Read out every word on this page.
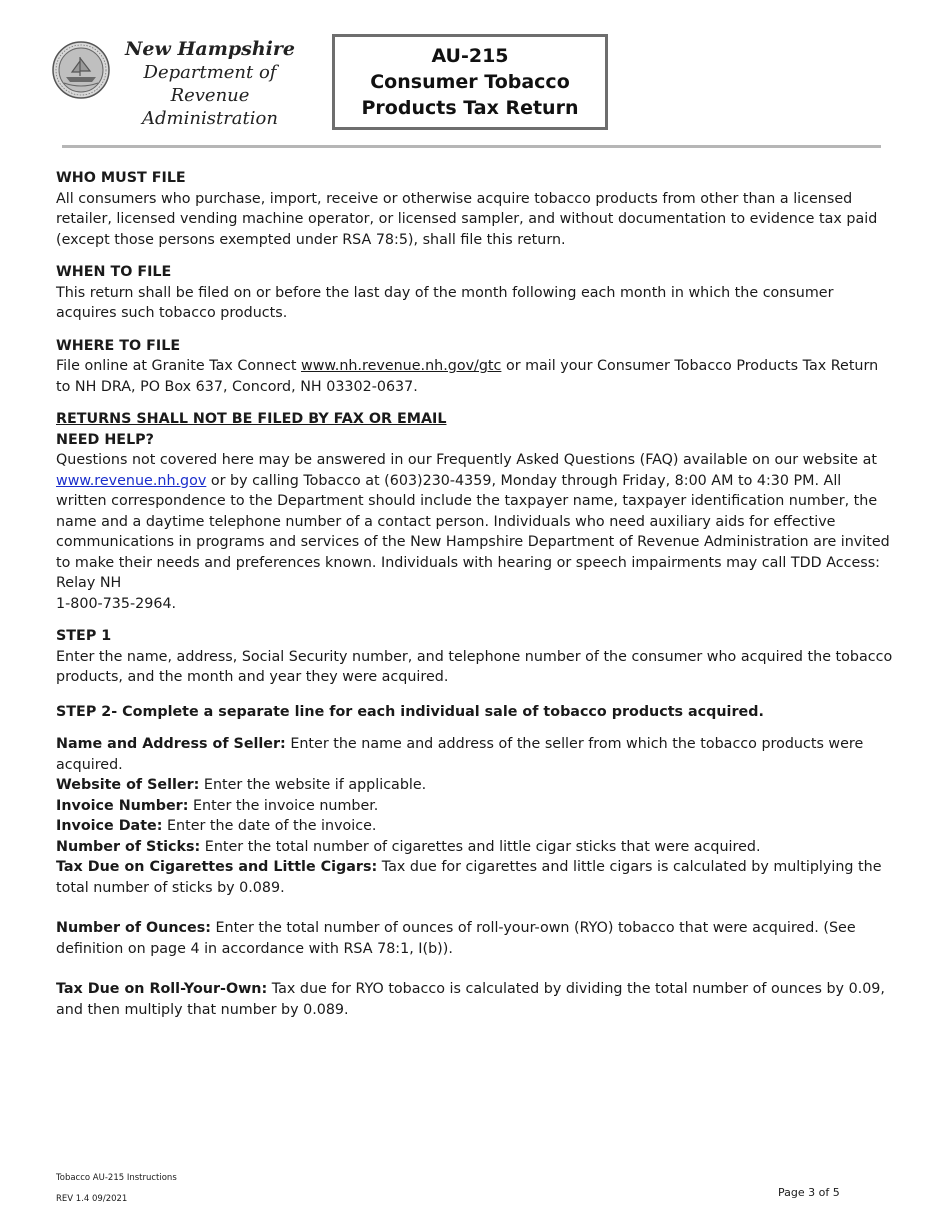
New Hampshire
Department of
Revenue Administration
AU-215
Consumer Tobacco
Products Tax Return

WHO MUST FILE

All consumers who purchase, import, receive or otherwise acquire tobacco products from other than a licensed retailer, licensed vending machine operator, or licensed sampler, and without documentation to evidence tax paid (except those persons exempted under RSA 78:5), shall file this return.

WHEN TO FILE

This return shall be filed on or before the last day of the month following each month in which the consumer acquires such tobacco products.

WHERE TO FILE

File online at Granite Tax Connect www.nh.revenue.nh.gov/gtc or mail your Consumer Tobacco Products Tax Return to NH DRA, PO Box 637, Concord, NH 03302-0637.

RETURNS SHALL NOT BE FILED BY FAX OR EMAIL

NEED HELP?

Questions not covered here may be answered in our Frequently Asked Questions (FAQ) available on our website at www.revenue.nh.gov or by calling Tobacco at (603)230-4359, Monday through Friday, 8:00 AM to 4:30 PM. All written correspondence to the Department should include the taxpayer name, taxpayer identification number, the name and a daytime telephone number of a contact person. Individuals who need auxiliary aids for effective communications in programs and services of the New Hampshire Department of Revenue Administration are invited to make their needs and preferences known. Individuals with hearing or speech impairments may call TDD Access: Relay NH
1-800-735-2964.

STEP 1

Enter the name, address, Social Security number, and telephone number of the consumer who acquired the tobacco products, and the month and year they were acquired.

STEP 2- Complete a separate line for each individual sale of tobacco products acquired.

Name and Address of Seller: Enter the name and address of the seller from which the tobacco products were acquired.

Website of Seller: Enter the website if applicable.

Invoice Number: Enter the invoice number.

Invoice Date: Enter the date of the invoice.

Number of Sticks: Enter the total number of cigarettes and little cigar sticks that were acquired.

Tax Due on Cigarettes and Little Cigars: Tax due for cigarettes and little cigars is calculated by multiplying the total number of sticks by 0.089.

Number of Ounces: Enter the total number of ounces of roll-your-own (RYO) tobacco that were acquired. (See definition on page 4 in accordance with RSA 78:1, I(b)).

Tax Due on Roll-Your-Own: Tax due for RYO tobacco is calculated by dividing the total number of ounces by 0.09, and then multiply that number by 0.089.

Tobacco AU-215 Instructions
REV 1.4 09/2021	Page 3 of 5
